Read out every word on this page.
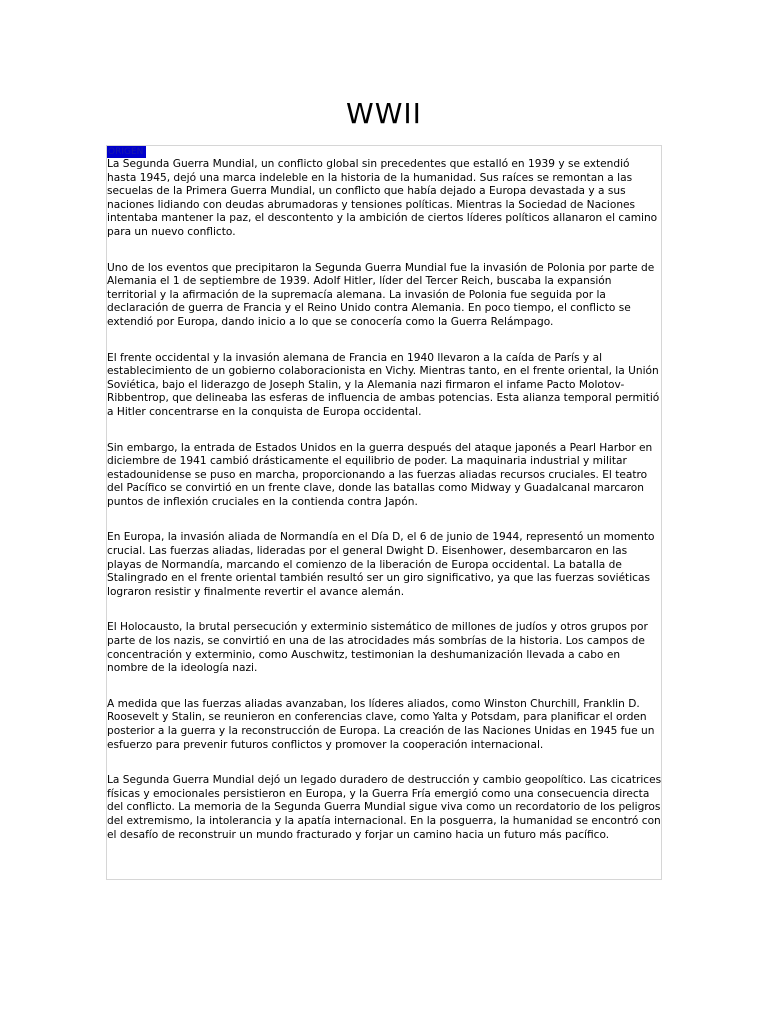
WWII
ORIGEN

La Segunda Guerra Mundial, un conflicto global sin precedentes que estalló en 1939 y se extendió hasta 1945, dejó una marca indeleble en la historia de la humanidad. Sus raíces se remontan a las secuelas de la Primera Guerra Mundial, un conflicto que había dejado a Europa devastada y a sus naciones lidiando con deudas abrumadoras y tensiones políticas. Mientras la Sociedad de Naciones intentaba mantener la paz, el descontento y la ambición de ciertos líderes políticos allanaron el camino para un nuevo conflicto.

Uno de los eventos que precipitaron la Segunda Guerra Mundial fue la invasión de Polonia por parte de Alemania el 1 de septiembre de 1939. Adolf Hitler, líder del Tercer Reich, buscaba la expansión territorial y la afirmación de la supremacía alemana. La invasión de Polonia fue seguida por la declaración de guerra de Francia y el Reino Unido contra Alemania. En poco tiempo, el conflicto se extendió por Europa, dando inicio a lo que se conocería como la Guerra Relámpago.

El frente occidental y la invasión alemana de Francia en 1940 llevaron a la caída de París y al establecimiento de un gobierno colaboracionista en Vichy. Mientras tanto, en el frente oriental, la Unión Soviética, bajo el liderazgo de Joseph Stalin, y la Alemania nazi firmaron el infame Pacto Molotov-Ribbentrop, que delineaba las esferas de influencia de ambas potencias. Esta alianza temporal permitió a Hitler concentrarse en la conquista de Europa occidental.

Sin embargo, la entrada de Estados Unidos en la guerra después del ataque japonés a Pearl Harbor en diciembre de 1941 cambió drásticamente el equilibrio de poder. La maquinaria industrial y militar estadounidense se puso en marcha, proporcionando a las fuerzas aliadas recursos cruciales. El teatro del Pacífico se convirtió en un frente clave, donde las batallas como Midway y Guadalcanal marcaron puntos de inflexión cruciales en la contienda contra Japón.

En Europa, la invasión aliada de Normandía en el Día D, el 6 de junio de 1944, representó un momento crucial. Las fuerzas aliadas, lideradas por el general Dwight D. Eisenhower, desembarcaron en las playas de Normandía, marcando el comienzo de la liberación de Europa occidental. La batalla de Stalingrado en el frente oriental también resultó ser un giro significativo, ya que las fuerzas soviéticas lograron resistir y finalmente revertir el avance alemán.

El Holocausto, la brutal persecución y exterminio sistemático de millones de judíos y otros grupos por parte de los nazis, se convirtió en una de las atrocidades más sombrías de la historia. Los campos de concentración y exterminio, como Auschwitz, testimonian la deshumanización llevada a cabo en nombre de la ideología nazi.

A medida que las fuerzas aliadas avanzaban, los líderes aliados, como Winston Churchill, Franklin D. Roosevelt y Stalin, se reunieron en conferencias clave, como Yalta y Potsdam, para planificar el orden posterior a la guerra y la reconstrucción de Europa. La creación de las Naciones Unidas en 1945 fue un esfuerzo para prevenir futuros conflictos y promover la cooperación internacional.

La Segunda Guerra Mundial dejó un legado duradero de destrucción y cambio geopolítico. Las cicatrices físicas y emocionales persistieron en Europa, y la Guerra Fría emergió como una consecuencia directa del conflicto. La memoria de la Segunda Guerra Mundial sigue viva como un recordatorio de los peligros del extremismo, la intolerancia y la apatía internacional. En la posguerra, la humanidad se encontró con el desafío de reconstruir un mundo fracturado y forjar un camino hacia un futuro más pacífico.
